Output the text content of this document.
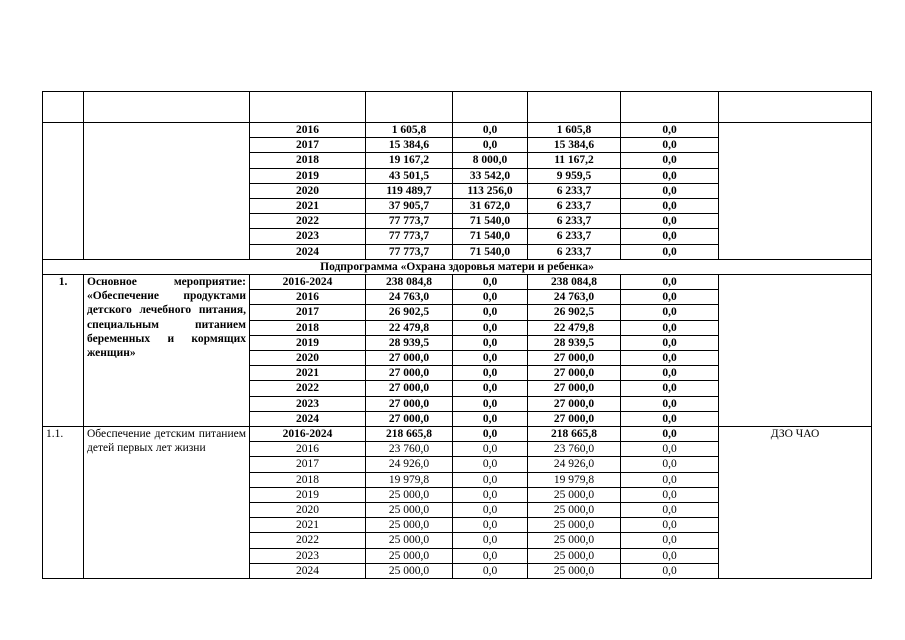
		2016	1 605,8	0,0	1 605,8	0,0	
		2017	15 384,6	0,0	15 384,6	0,0	
		2018	19 167,2	8 000,0	11 167,2	0,0	
		2019	43 501,5	33 542,0	9 959,5	0,0	
		2020	119 489,7	113 256,0	6 233,7	0,0	
		2021	37 905,7	31 672,0	6 233,7	0,0	
		2022	77 773,7	71 540,0	6 233,7	0,0	
		2023	77 773,7	71 540,0	6 233,7	0,0	
		2024	77 773,7	71 540,0	6 233,7	0,0	
Подпрограмма «Охрана здоровья матери и ребенка»							
1.	Основное мероприятие: «Обеспечение продуктами детского лечебного питания, специальным питанием беременных и кормящих женщин»	2016-2024	238 084,8	0,0	238 084,8	0,0	
		2016	24 763,0	0,0	24 763,0	0,0	
		2017	26 902,5	0,0	26 902,5	0,0	
		2018	22 479,8	0,0	22 479,8	0,0	
		2019	28 939,5	0,0	28 939,5	0,0	
		2020	27 000,0	0,0	27 000,0	0,0	
		2021	27 000,0	0,0	27 000,0	0,0	
		2022	27 000,0	0,0	27 000,0	0,0	
		2023	27 000,0	0,0	27 000,0	0,0	
		2024	27 000,0	0,0	27 000,0	0,0	
1.1.	Обеспечение детским питанием детей первых лет жизни	2016-2024	218 665,8	0,0	218 665,8	0,0	ДЗО ЧАО
		2016	23 760,0	0,0	23 760,0	0,0	
		2017	24 926,0	0,0	24 926,0	0,0	
		2018	19 979,8	0,0	19 979,8	0,0	
		2019	25 000,0	0,0	25 000,0	0,0	
		2020	25 000,0	0,0	25 000,0	0,0	
		2021	25 000,0	0,0	25 000,0	0,0	
		2022	25 000,0	0,0	25 000,0	0,0	
		2023	25 000,0	0,0	25 000,0	0,0	
		2024	25 000,0	0,0	25 000,0	0,0	
